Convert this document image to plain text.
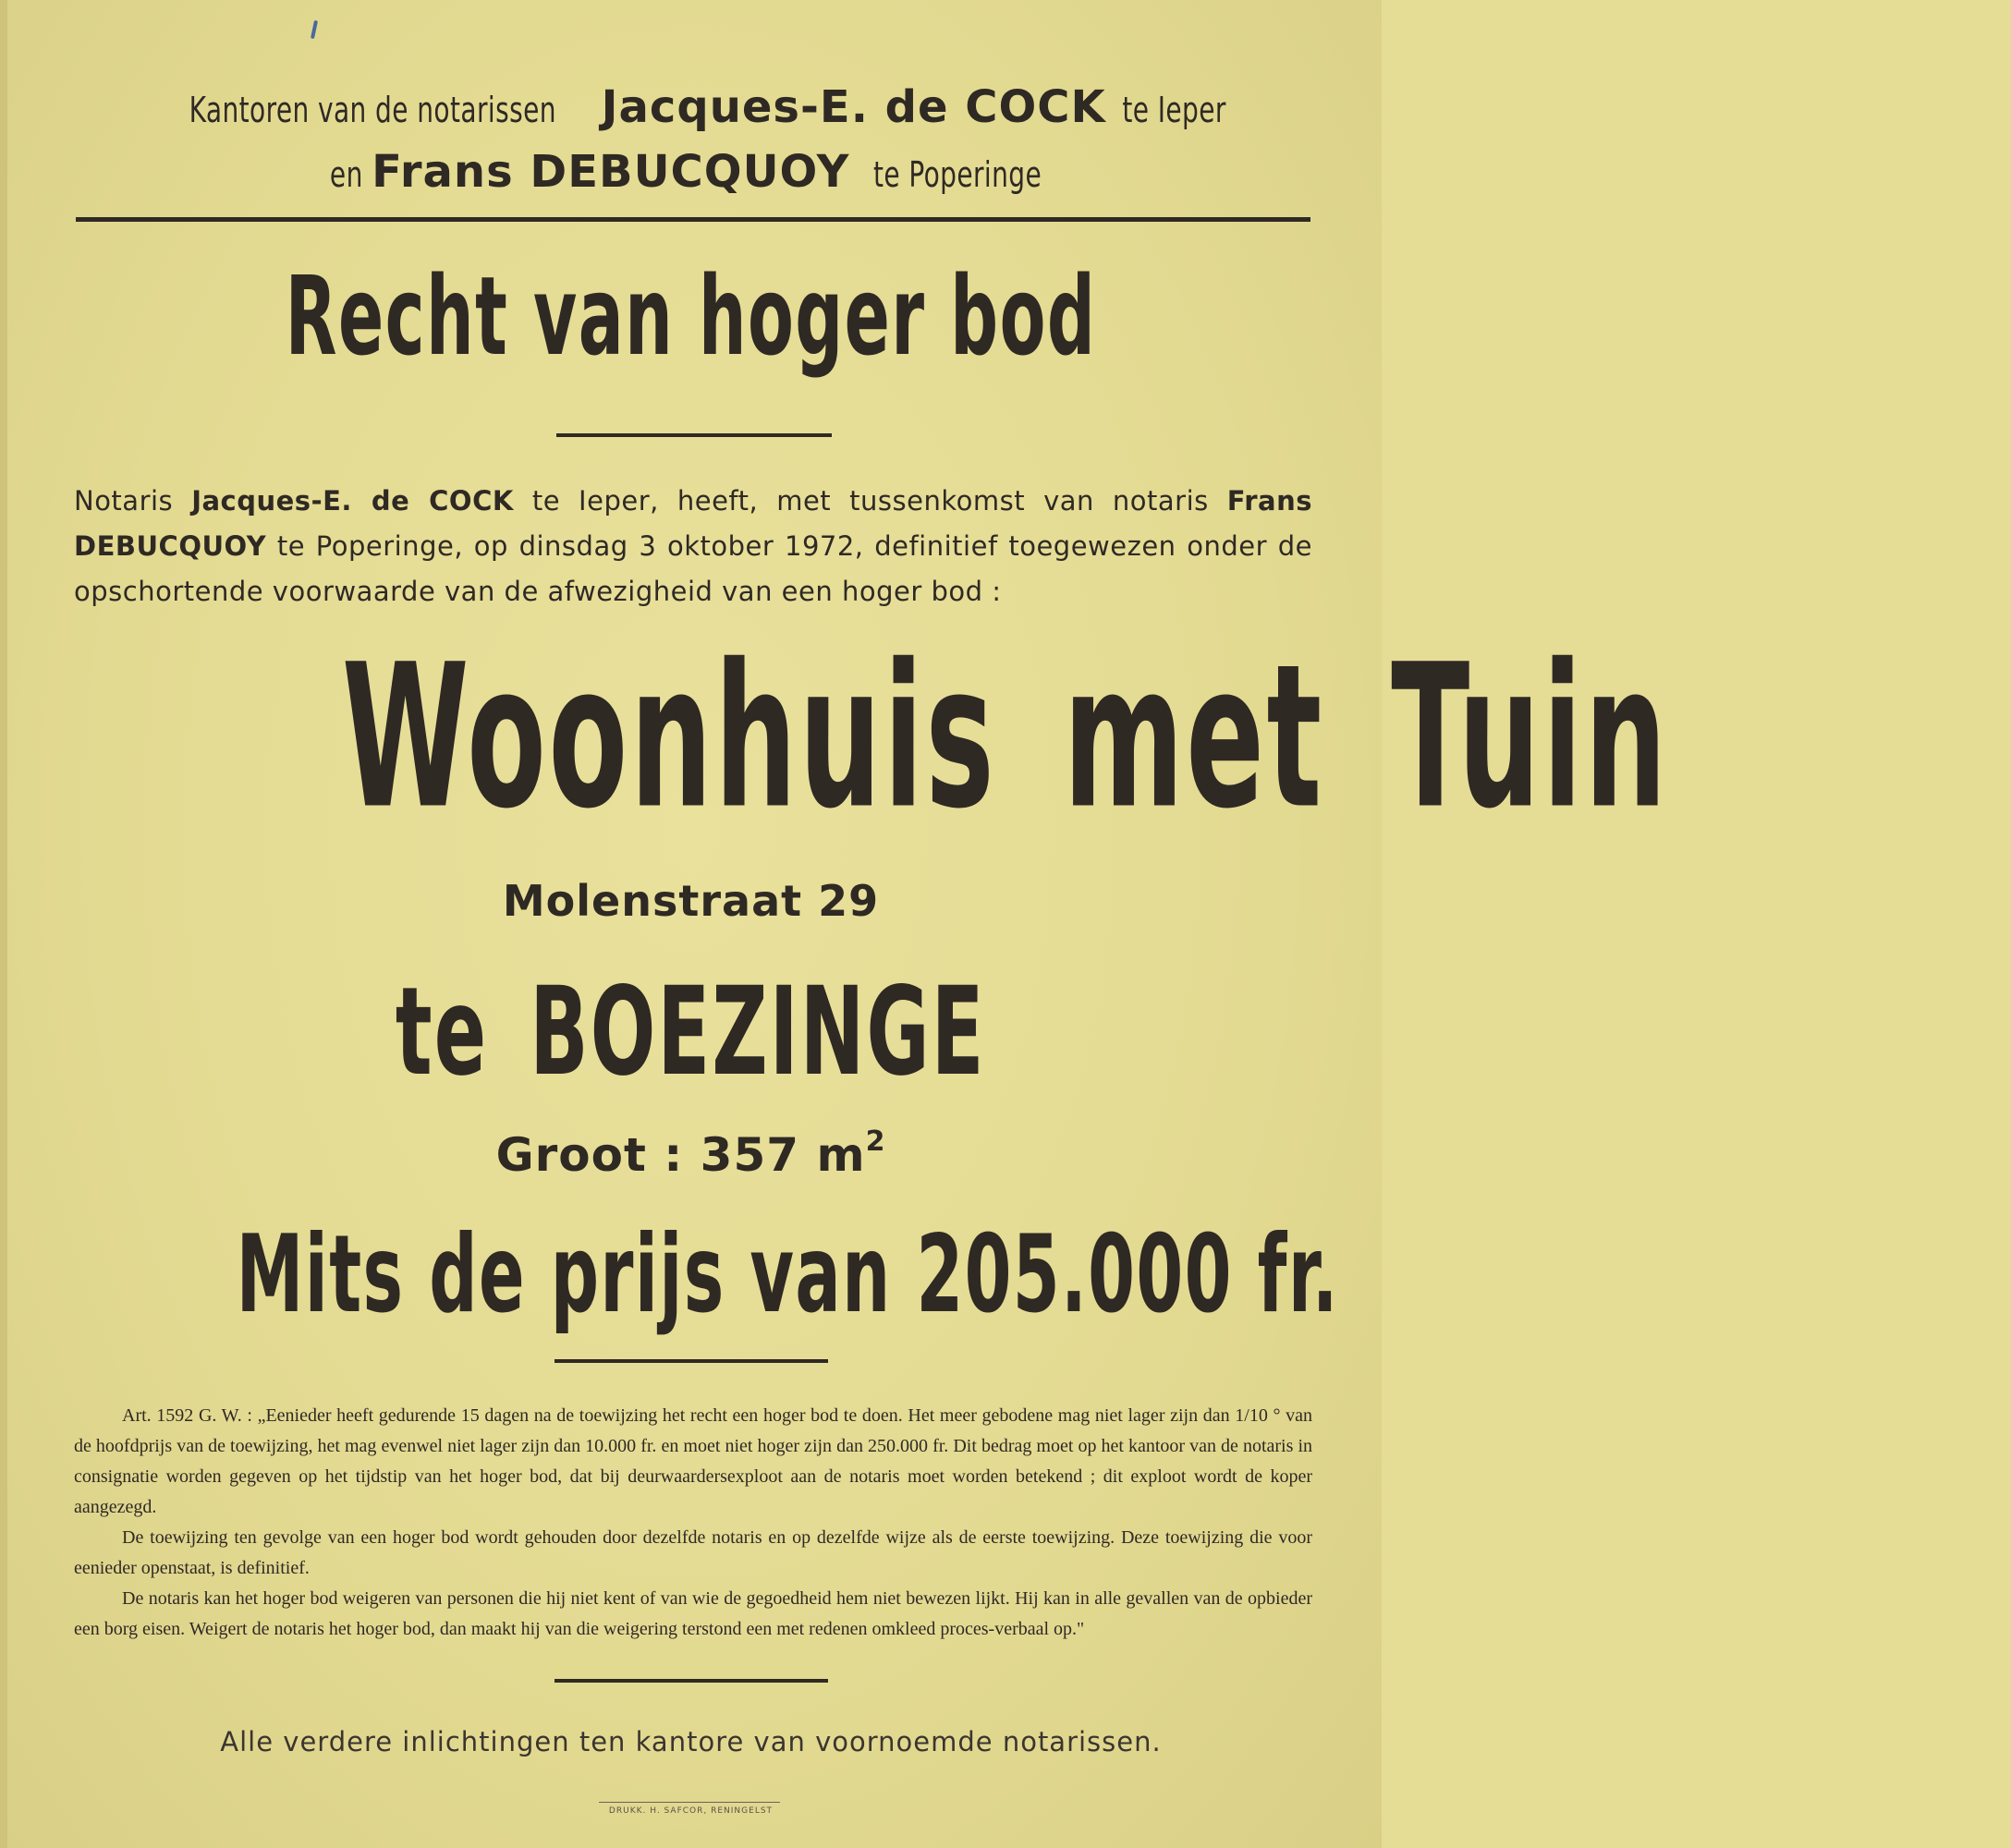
Kantoren van de notarissen Jacques-E. de COCK te Ieper
en Frans DEBUCQUOY te Poperinge
Recht van hoger bod
Notaris Jacques-E. de COCK te Ieper, heeft, met tussenkomst van notaris Frans DEBUCQUOY te Poperinge, op dinsdag 3 oktober 1972, definitief toegewezen onder de opschortende voorwaarde van de afwezigheid van een hoger bod :
Woonhuis met Tuin
Molenstraat 29
te BOEZINGE
Groot : 357 $m^2$
Mits de prijs van 205.000 fr.

Art. 1592 G. W. : „Eenieder heeft gedurende 15 dagen na de toewijzing het recht een hoger bod te doen. Het meer gebodene mag niet lager zijn dan 1/10 ° van de hoofdprijs van de toewijzing, het mag evenwel niet lager zijn dan 10.000 fr. en moet niet hoger zijn dan 250.000 fr. Dit bedrag moet op het kantoor van de notaris in consignatie worden gegeven op het tijdstip van het hoger bod, dat bij deurwaardersexploot aan de notaris moet worden betekend ; dit exploot wordt de koper aangezegd.

De toewijzing ten gevolge van een hoger bod wordt gehouden door dezelfde notaris en op dezelfde wijze als de eerste toewijzing. Deze toewijzing die voor eenieder openstaat, is definitief.

De notaris kan het hoger bod weigeren van personen die hij niet kent of van wie de gegoedheid hem niet bewezen lijkt. Hij kan in alle gevallen van de opbieder een borg eisen. Weigert de notaris het hoger bod, dan maakt hij van die weigering terstond een met redenen omkleed proces-verbaal op."

Alle verdere inlichtingen ten kantore van voornoemde notarissen.
DRUKK. H. SAFCOR, RENINGELST
